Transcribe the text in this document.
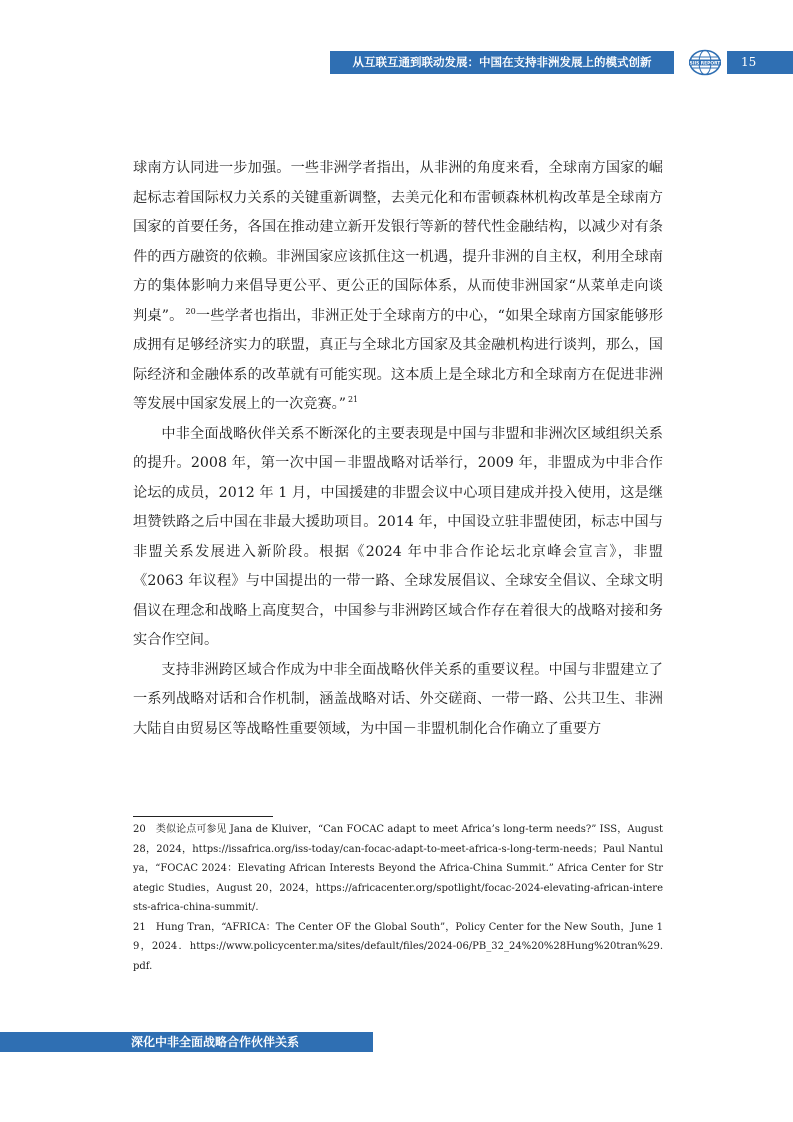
从互联互通到联动发展：中国在支持非洲发展上的模式创新	SIIS REPORT	15

球南方认同进一步加强。一些非洲学者指出，从非洲的角度来看，全球南方国家的崛起标志着国际权力关系的关键重新调整，去美元化和布雷顿森林机构改革是全球南方国家的首要任务，各国在推动建立新开发银行等新的替代性金融结构，以减少对有条件的西方融资的依赖。非洲国家应该抓住这一机遇，提升非洲的自主权，利用全球南方的集体影响力来倡导更公平、更公正的国际体系，从而使非洲国家“从菜单走向谈判桌”。 $^{20}$一些学者也指出，非洲正处于全球南方的中心，“如果全球南方国家能够形成拥有足够经济实力的联盟，真正与全球北方国家及其金融机构进行谈判，那么，国际经济和金融体系的改革就有可能实现。这本质上是全球北方和全球南方在促进非洲等发展中国家发展上的一次竞赛。” $^{21}$

中非全面战略伙伴关系不断深化的主要表现是中国与非盟和非洲次区域组织关系的提升。2008 年，第一次中国－非盟战略对话举行，2009 年，非盟成为中非合作论坛的成员，2012 年 1 月，中国援建的非盟会议中心项目建成并投入使用，这是继坦赞铁路之后中国在非最大援助项目。2014 年，中国设立驻非盟使团，标志中国与非盟关系发展进入新阶段。根据《2024 年中非合作论坛北京峰会宣言》，非盟《2063 年议程》与中国提出的一带一路、全球发展倡议、全球安全倡议、全球文明倡议在理念和战略上高度契合，中国参与非洲跨区域合作存在着很大的战略对接和务实合作空间。

支持非洲跨区域合作成为中非全面战略伙伴关系的重要议程。中国与非盟建立了一系列战略对话和合作机制，涵盖战略对话、外交磋商、一带一路、公共卫生、非洲大陆自由贸易区等战略性重要领域，为中国－非盟机制化合作确立了重要方

20　类似论点可参见 Jana de Kluiver，“Can FOCAC adapt to meet Africa’s long-term needs?” ISS，August 28，2024，https://issafrica.org/iss-today/can-focac-adapt-to-meet-africa-s-long-term-needs；Paul Nantulya，“FOCAC 2024：Elevating African Interests Beyond the Africa-China Summit.” Africa Center for Strategic Studies，August 20，2024，https://africacenter.org/spotlight/focac-2024-elevating-african-interests-africa-china-summit/.

21　Hung Tran，“AFRICA：The Center OF the Global South”，Policy Center for the New South，June 19，2024．https://www.policycenter.ma/sites/default/files/2024-06/PB_32_24%20%28Hung%20tran%29.pdf.

深化中非全面战略合作伙伴关系
